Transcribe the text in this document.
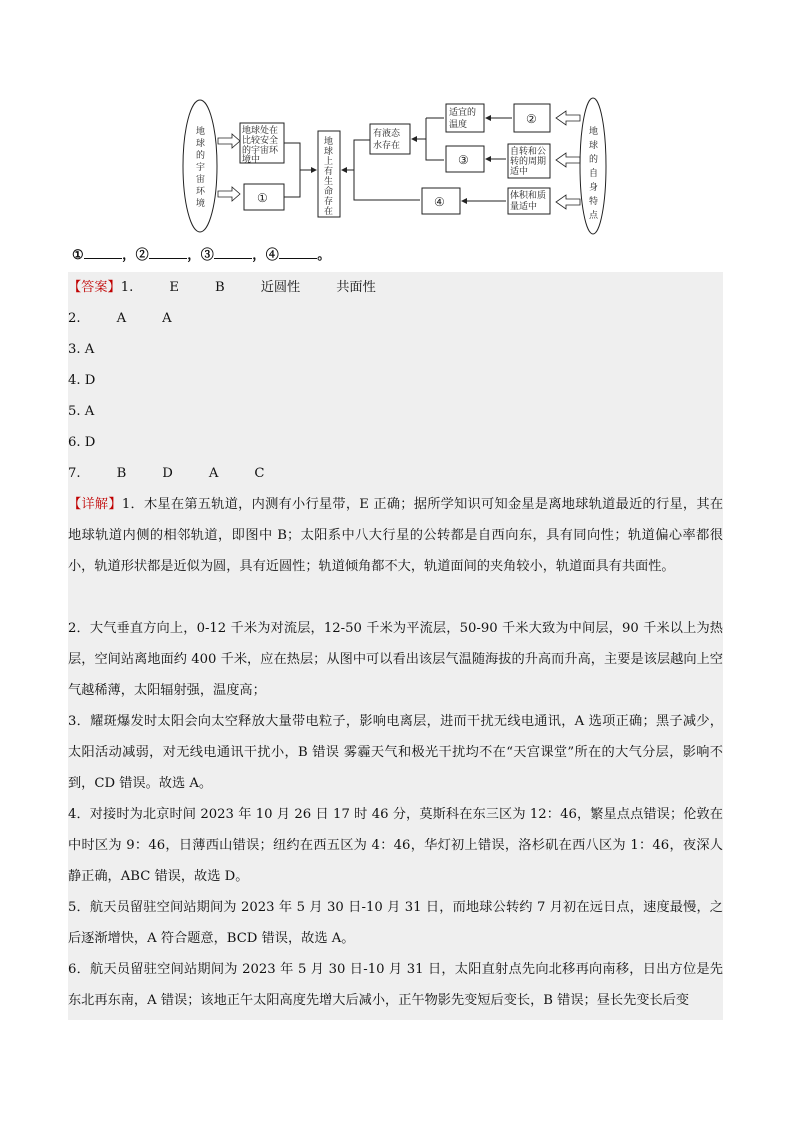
地球的宇宙环境
地球处在
比较安全
的宇宙环
境中
①
地
球
上
有
生
命
存
在
有液态
水存在
适宜的
温度
③
④
②
自转和公
转的周期
适中
体积和质
量适中
地
球
的
自
身
特
点
①	，②	，③	，④	。
【答案】1.	E	B	近圆性	共面性
2.	A	A
3. A
4. D
5. A
6. D
7.	B	D	A	C
【详解】1．木星在第五轨道，内测有小行星带，E 正确；据所学知识可知金星是离地球轨道最近的行星，其在地球轨道内侧的相邻轨道，即图中 B；太阳系中八大行星的公转都是自西向东，具有同向性；轨道偏心率都很小，轨道形状都是近似为圆，具有近圆性；轨道倾角都不大，轨道面间的夹角较小，轨道面具有共面性。
2．大气垂直方向上，0-12 千米为对流层，12-50 千米为平流层，50-90 千米大致为中间层，90 千米以上为热层，空间站离地面约 400 千米，应在热层；从图中可以看出该层气温随海拔的升高而升高，主要是该层越向上空气越稀薄，太阳辐射强，温度高；
3．耀斑爆发时太阳会向太空释放大量带电粒子，影响电离层，进而干扰无线电通讯，A 选项正确；黑子减少，太阳活动减弱，对无线电通讯干扰小，B 错误 雾霾天气和极光干扰均不在“天宫课堂”所在的大气分层，影响不到，CD 错误。故选 A。
4．对接时为北京时间 2023 年 10 月 26 日 17 时 46 分，莫斯科在东三区为 12：46，繁星点点错误；伦敦在中时区为 9：46，日薄西山错误；纽约在西五区为 4：46，华灯初上错误，洛杉矶在西八区为 1：46，夜深人静正确，ABC 错误，故选 D。
5．航天员留驻空间站期间为 2023 年 5 月 30 日-10 月 31 日，而地球公转约 7 月初在远日点，速度最慢，之后逐渐增快，A 符合题意，BCD 错误，故选 A。
6．航天员留驻空间站期间为 2023 年 5 月 30 日-10 月 31 日，太阳直射点先向北移再向南移，日出方位是先东北再东南，A 错误；该地正午太阳高度先增大后减小，正午物影先变短后变长，B 错误；昼长先变长后变
